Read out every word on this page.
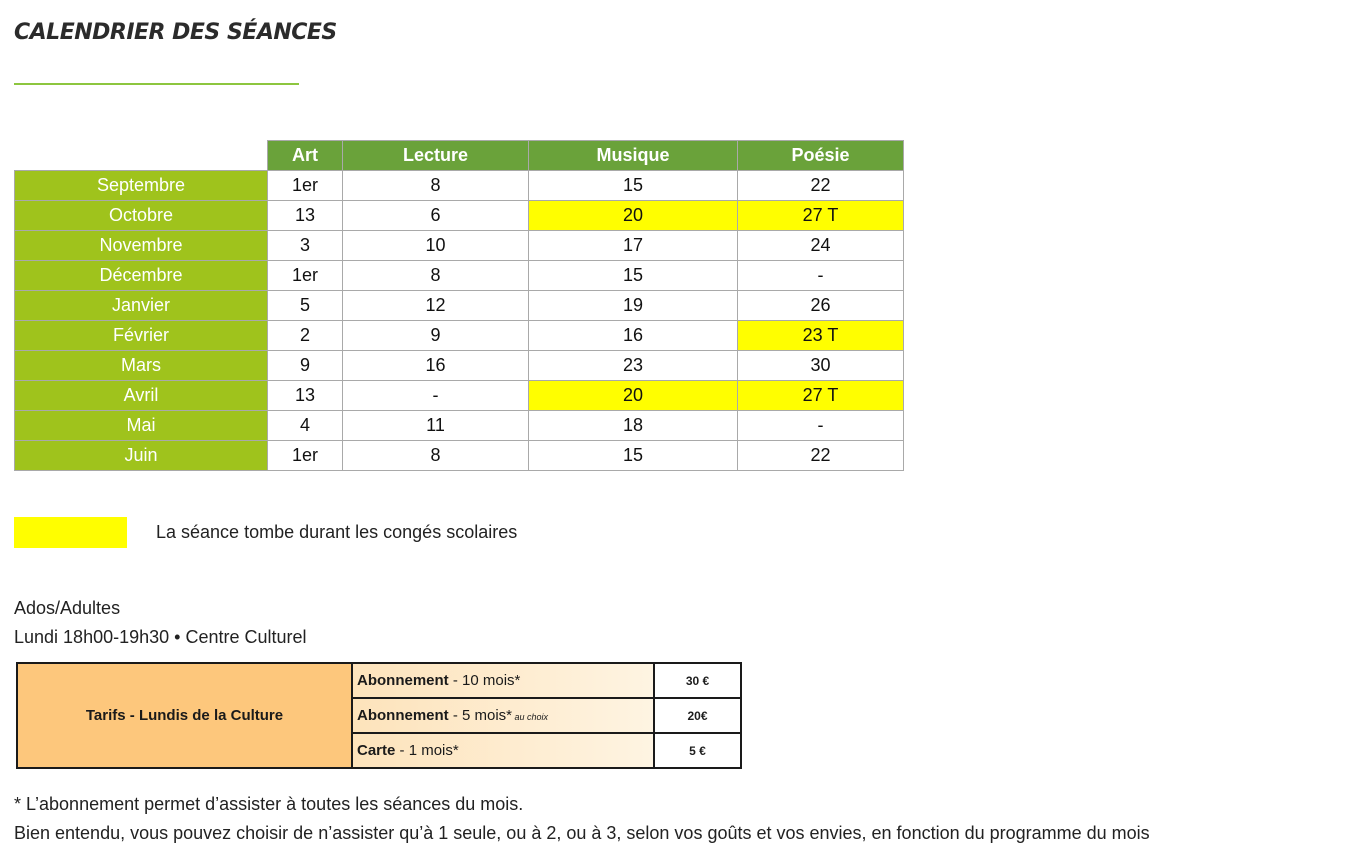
CALENDRIER DES SÉANCES
	Art	Lecture	Musique	Poésie
Septembre	1er	8	15	22
Octobre	13	6	20	27 T
Novembre	3	10	17	24
Décembre	1er	8	15	-
Janvier	5	12	19	26
Février	2	9	16	23 T
Mars	9	16	23	30
Avril	13	-	20	27 T
Mai	4	11	18	-
Juin	1er	8	15	22
La séance tombe durant les congés scolaires
Ados/Adultes
Lundi 18h00-19h30 • Centre Culturel
Tarifs - Lundis de la Culture	Abonnement - 10 mois*	30 €
	Abonnement - 5 mois* au choix	20€
	Carte - 1 mois*	5 €
* L’abonnement permet d’assister à toutes les séances du mois.
Bien entendu, vous pouvez choisir de n’assister qu’à 1 seule, ou à 2, ou à 3, selon vos goûts et vos envies, en fonction du programme du mois
